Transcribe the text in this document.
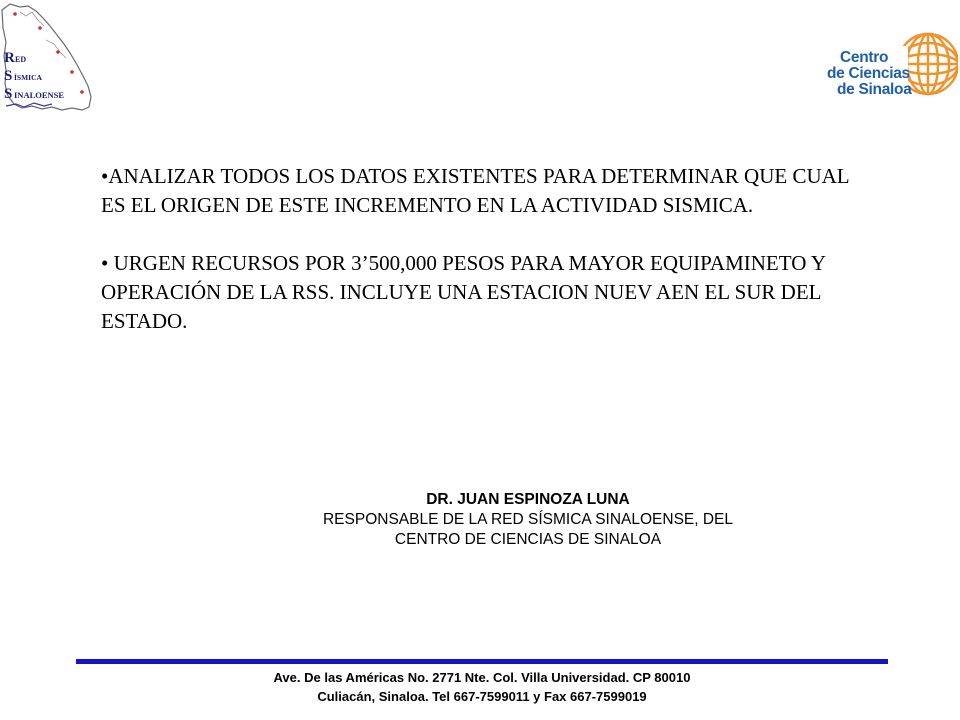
R ED
S ÍSMICA
S INALOENSE
Centro
de Ciencias
de Sinaloa

•ANALIZAR TODOS LOS DATOS EXISTENTES PARA DETERMINAR QUE CUAL ES EL ORIGEN DE ESTE INCREMENTO EN LA ACTIVIDAD SISMICA.

• URGEN RECURSOS POR 3’500,000 PESOS PARA MAYOR EQUIPAMINETO Y OPERACIÓN DE LA RSS. INCLUYE UNA ESTACION NUEV AEN EL SUR DEL ESTADO.

DR. JUAN ESPINOZA LUNA
RESPONSABLE DE LA RED SÍSMICA SINALOENSE, DEL
CENTRO DE CIENCIAS DE SINALOA
Ave. De las Américas No. 2771 Nte. Col. Villa Universidad. CP 80010
Culiacán, Sinaloa. Tel 667-7599011 y Fax 667-7599019
